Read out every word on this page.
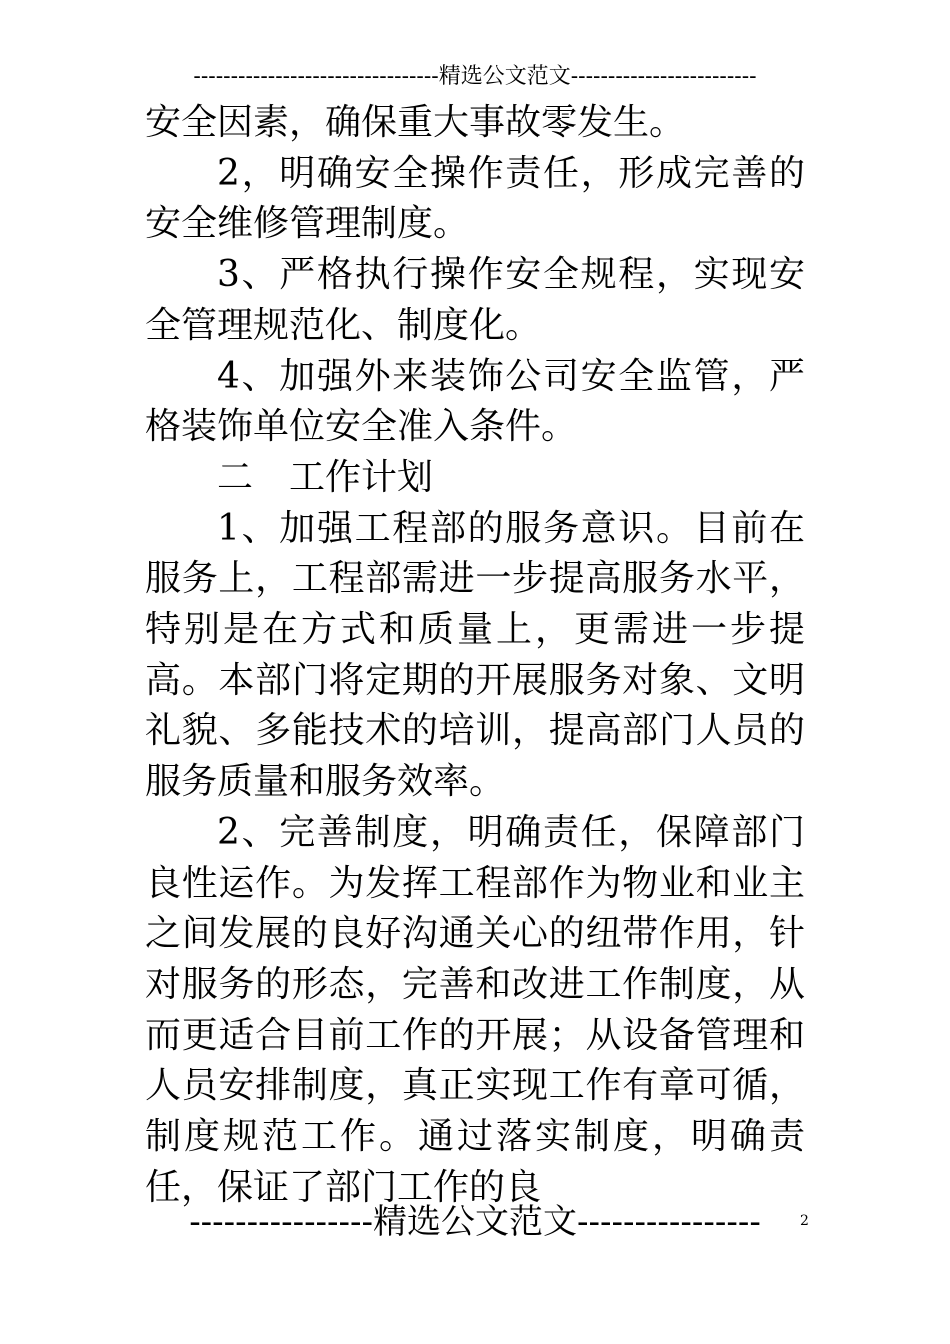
---------------------------------精选公文范文-------------------------

安全因素，确保重大事故零发生。

2，明确安全操作责任，形成完善的安全维修管理制度。

3、严格执行操作安全规程，实现安全管理规范化、制度化。

4、加强外来装饰公司安全监管，严格装饰单位安全准入条件。

二　工作计划

1、加强工程部的服务意识。目前在服务上，工程部需进一步提高服务水平，特别是在方式和质量上，更需进一步提高。本部门将定期的开展服务对象、文明礼貌、多能技术的培训，提高部门人员的服务质量和服务效率。

2、完善制度，明确责任，保障部门良性运作。为发挥工程部作为物业和业主之间发展的良好沟通关心的纽带作用，针对服务的形态，完善和改进工作制度，从而更适合目前工作的开展；从设备管理和人员安排制度，真正实现工作有章可循，制度规范工作。通过落实制度，明确责任，保证了部门工作的良

----------------精选公文范文----------------	2
